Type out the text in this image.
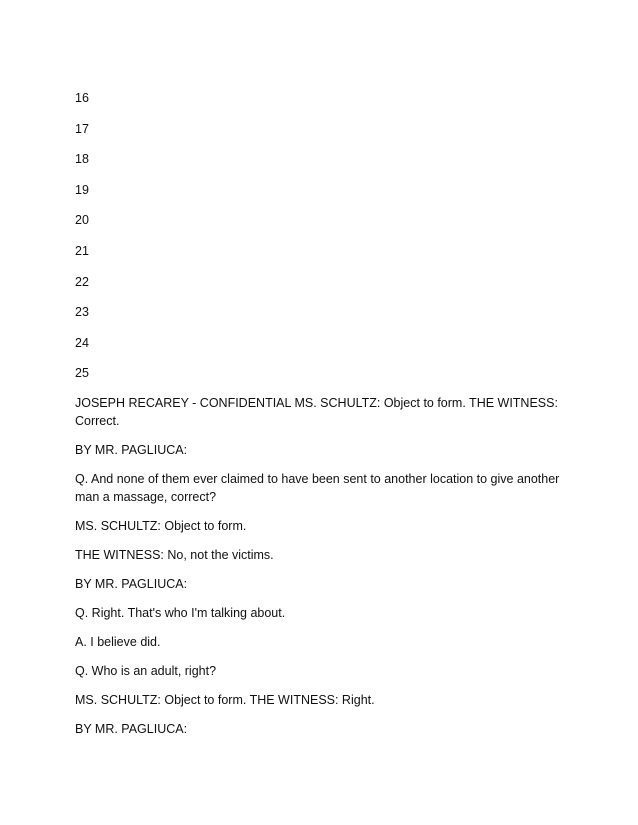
16
17
18
19
20
21
22
23
24
25

JOSEPH RECAREY - CONFIDENTIAL MS. SCHULTZ: Object to form. THE WITNESS: Correct.

BY MR. PAGLIUCA:

Q. And none of them ever claimed to have been sent to another location to give another man a massage, correct?

MS. SCHULTZ: Object to form.

THE WITNESS: No, not the victims.

BY MR. PAGLIUCA:

Q. Right. That's who I'm talking about.

A. I believe did.

Q. Who is an adult, right?

MS. SCHULTZ: Object to form. THE WITNESS: Right.

BY MR. PAGLIUCA:
